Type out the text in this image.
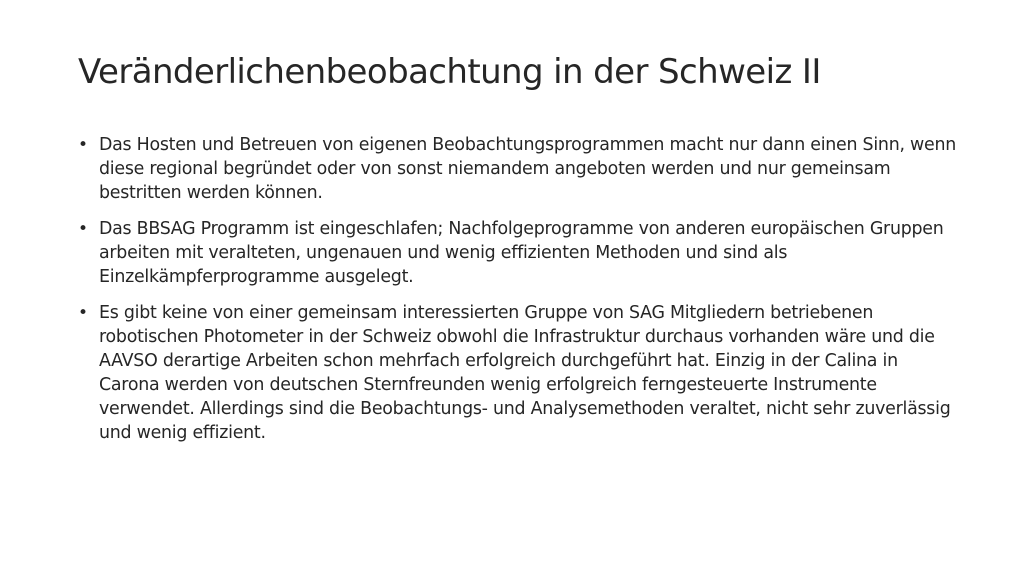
Veränderlichenbeobachtung in der Schweiz II
• Das Hosten und Betreuen von eigenen Beobachtungsprogrammen macht nur dann einen Sinn, wenn diese regional begründet oder von sonst niemandem angeboten werden und nur gemeinsam bestritten werden können.
• Das BBSAG Programm ist eingeschlafen; Nachfolgeprogramme von anderen europäischen Gruppen arbeiten mit veralteten, ungenauen und wenig effizienten Methoden und sind als Einzelkämpferprogramme ausgelegt.
• Es gibt keine von einer gemeinsam interessierten Gruppe von SAG Mitgliedern betriebenen robotischen Photometer in der Schweiz obwohl die Infrastruktur durchaus vorhanden wäre und die AAVSO derartige Arbeiten schon mehrfach erfolgreich durchgeführt hat. Einzig in der Calina in Carona werden von deutschen Sternfreunden wenig erfolgreich ferngesteuerte Instrumente verwendet. Allerdings sind die Beobachtungs- und Analysemethoden veraltet, nicht sehr zuverlässig und wenig effizient.
